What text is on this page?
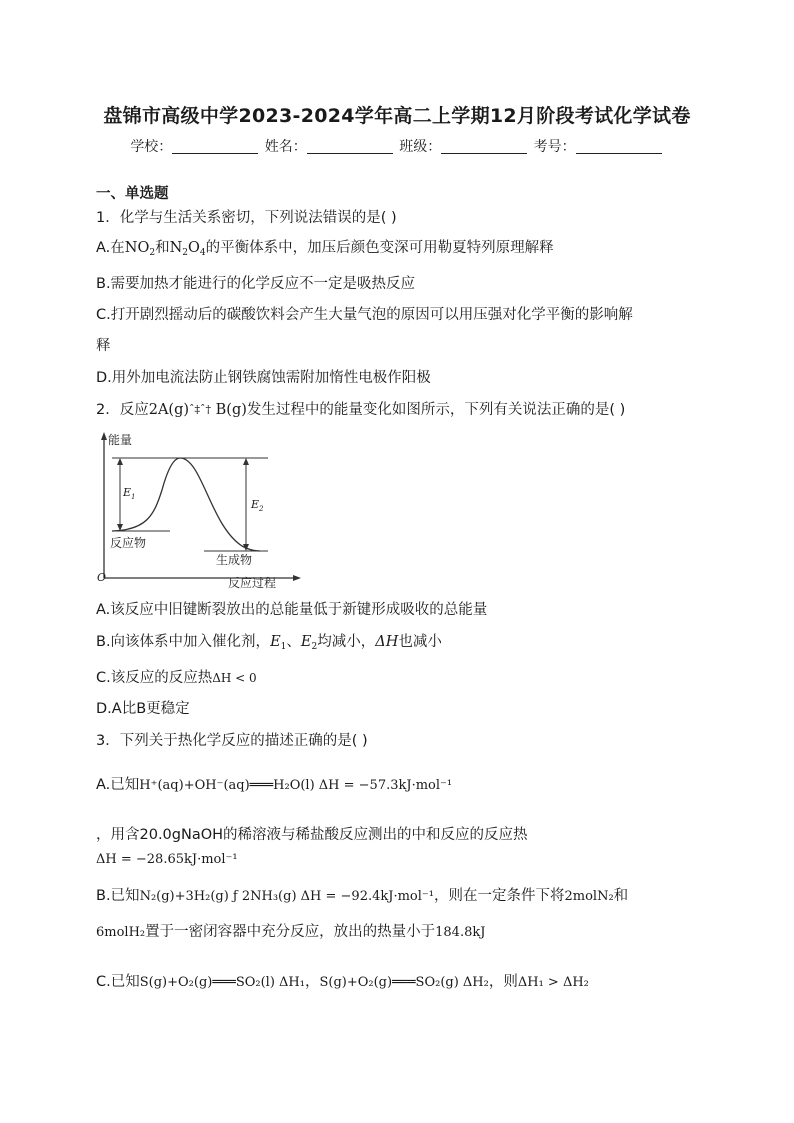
盘锦市高级中学2023-2024学年高二上学期12月阶段考试化学试卷
学校：	姓名：	班级：	考号：
一、单选题
1．化学与生活关系密切，下列说法错误的是( )
A.在$NO_2$和$N_2O_4$的平衡体系中，加压后颜色变深可用勒夏特列原理解释
B.需要加热才能进行的化学反应不一定是吸热反应
C.打开剧烈摇动后的碳酸饮料会产生大量气泡的原因可以用压强对化学平衡的影响解
释
D.用外加电流法防止钢铁腐蚀需附加惰性电极作阳极
2．反应2A(g)ˆ‡ˆ† B(g)发生过程中的能量变化如图所示，下列有关说法正确的是( )
能量
O	反应过程
反应物
生成物
$E_1$
$E_2$
A.该反应中旧键断裂放出的总能量低于新键形成吸收的总能量
B.向该体系中加入催化剂，$E_1$、$E_2$均减小，ΔH也减小
C.该反应的反应热ΔH < 0
D.A比B更稳定
3．下列关于热化学反应的描述正确的是( )
A.已知H⁺(aq)+OH⁻(aq)═══H₂O(l) ΔH = −57.3kJ·mol⁻¹
，用含20.0gNaOH的稀溶液与稀盐酸反应测出的中和反应的反应热
ΔH = −28.65kJ·mol⁻¹
B.已知N₂(g)+3H₂(g) ƒ 2NH₃(g) ΔH = −92.4kJ·mol⁻¹，则在一定条件下将2molN₂和
6molH₂置于一密闭容器中充分反应，放出的热量小于184.8kJ
C.已知S(g)+O₂(g)═══SO₂(l) ΔH₁，S(g)+O₂(g)═══SO₂(g) ΔH₂，则ΔH₁ > ΔH₂
